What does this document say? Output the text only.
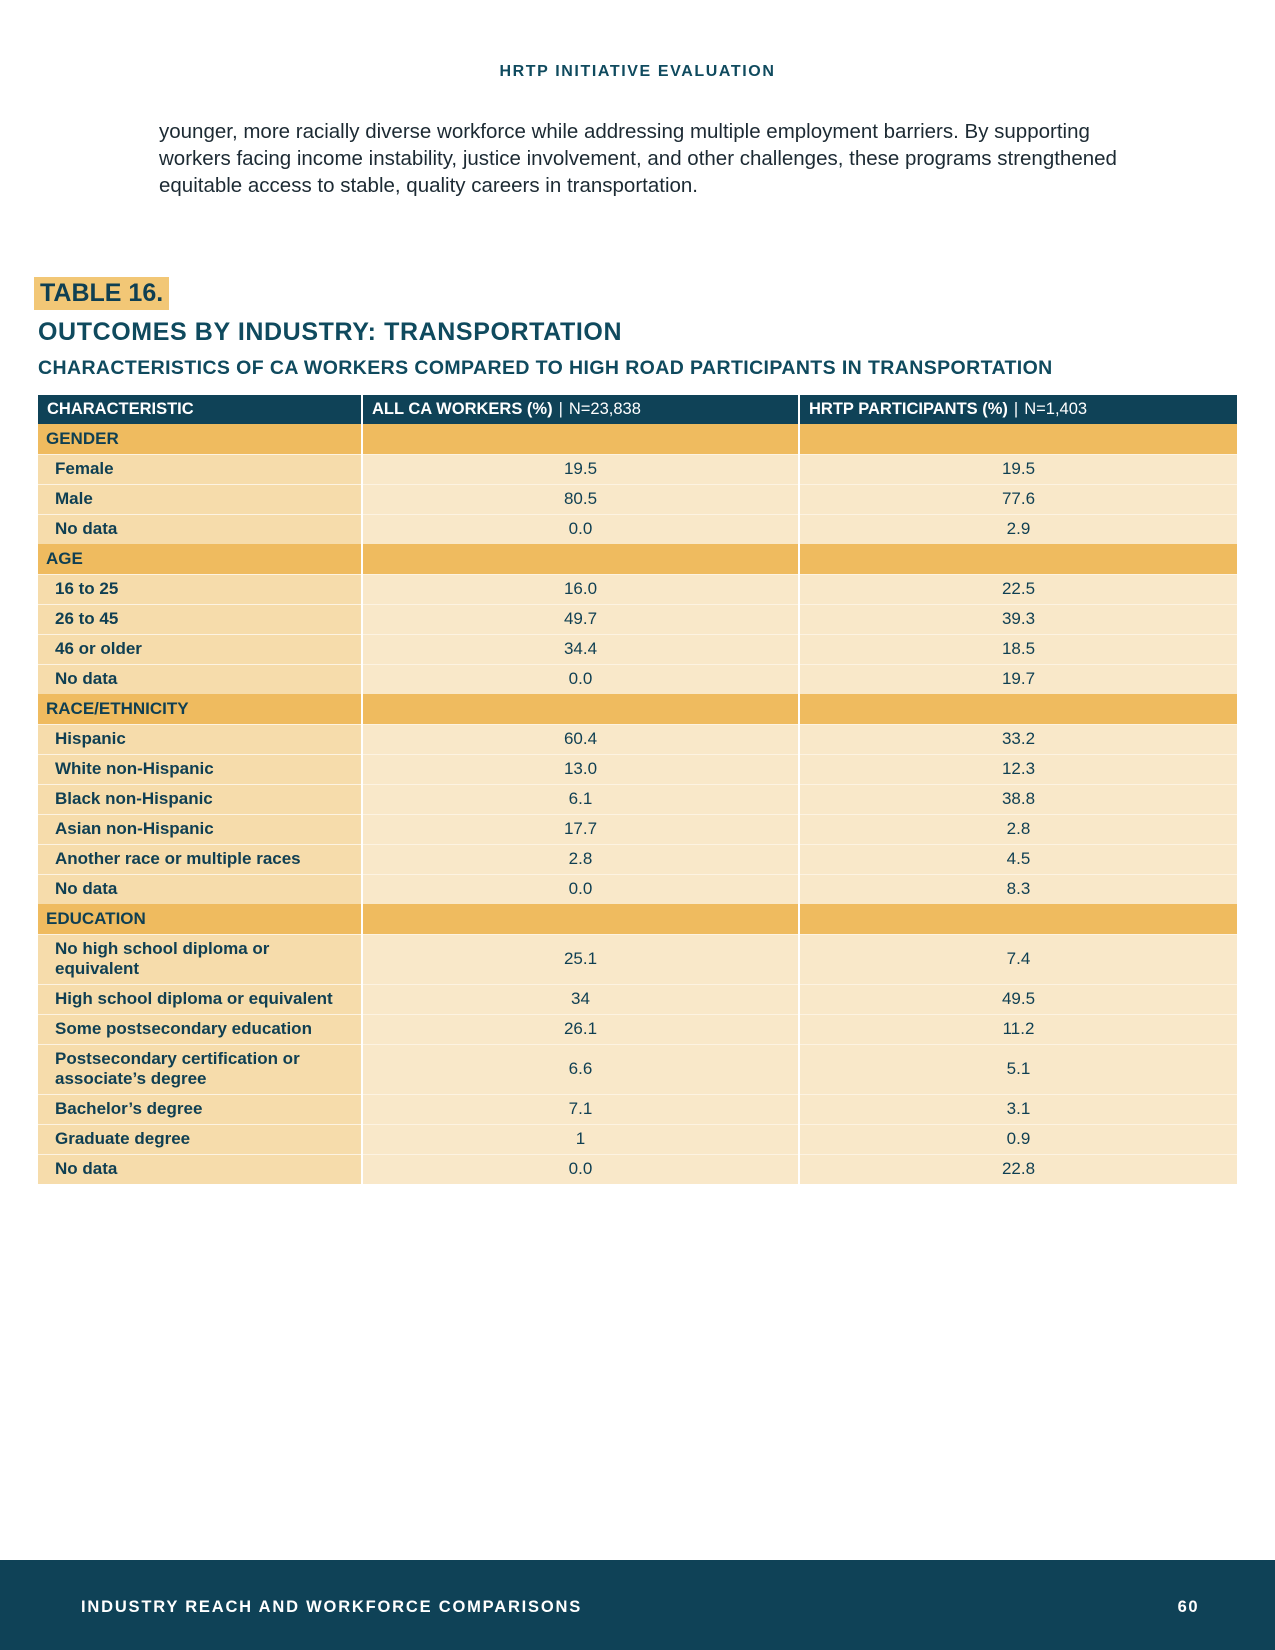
HRTP INITIATIVE EVALUATION

younger, more racially diverse workforce while addressing multiple employment barriers. By supporting workers facing income instability, justice involvement, and other challenges, these programs strengthened equitable access to stable, quality careers in transportation.

TABLE 16.
OUTCOMES BY INDUSTRY: TRANSPORTATION
CHARACTERISTICS OF CA WORKERS COMPARED TO HIGH ROAD PARTICIPANTS IN TRANSPORTATION
CHARACTERISTIC	ALL CA WORKERS (%) | N=23,838	HRTP PARTICIPANTS (%) | N=1,403
GENDER		
Female	19.5	19.5
Male	80.5	77.6
No data	0.0	2.9
AGE		
16 to 25	16.0	22.5
26 to 45	49.7	39.3
46 or older	34.4	18.5
No data	0.0	19.7
RACE/ETHNICITY		
Hispanic	60.4	33.2
White non-Hispanic	13.0	12.3
Black non-Hispanic	6.1	38.8
Asian non-Hispanic	17.7	2.8
Another race or multiple races	2.8	4.5
No data	0.0	8.3
EDUCATION		
No high school diploma or equivalent	25.1	7.4
High school diploma or equivalent	34	49.5
Some postsecondary education	26.1	11.2
Postsecondary certification or associate’s degree	6.6	5.1
Bachelor’s degree	7.1	3.1
Graduate degree	1	0.9
No data	0.0	22.8
INDUSTRY REACH AND WORKFORCE COMPARISONS	60
